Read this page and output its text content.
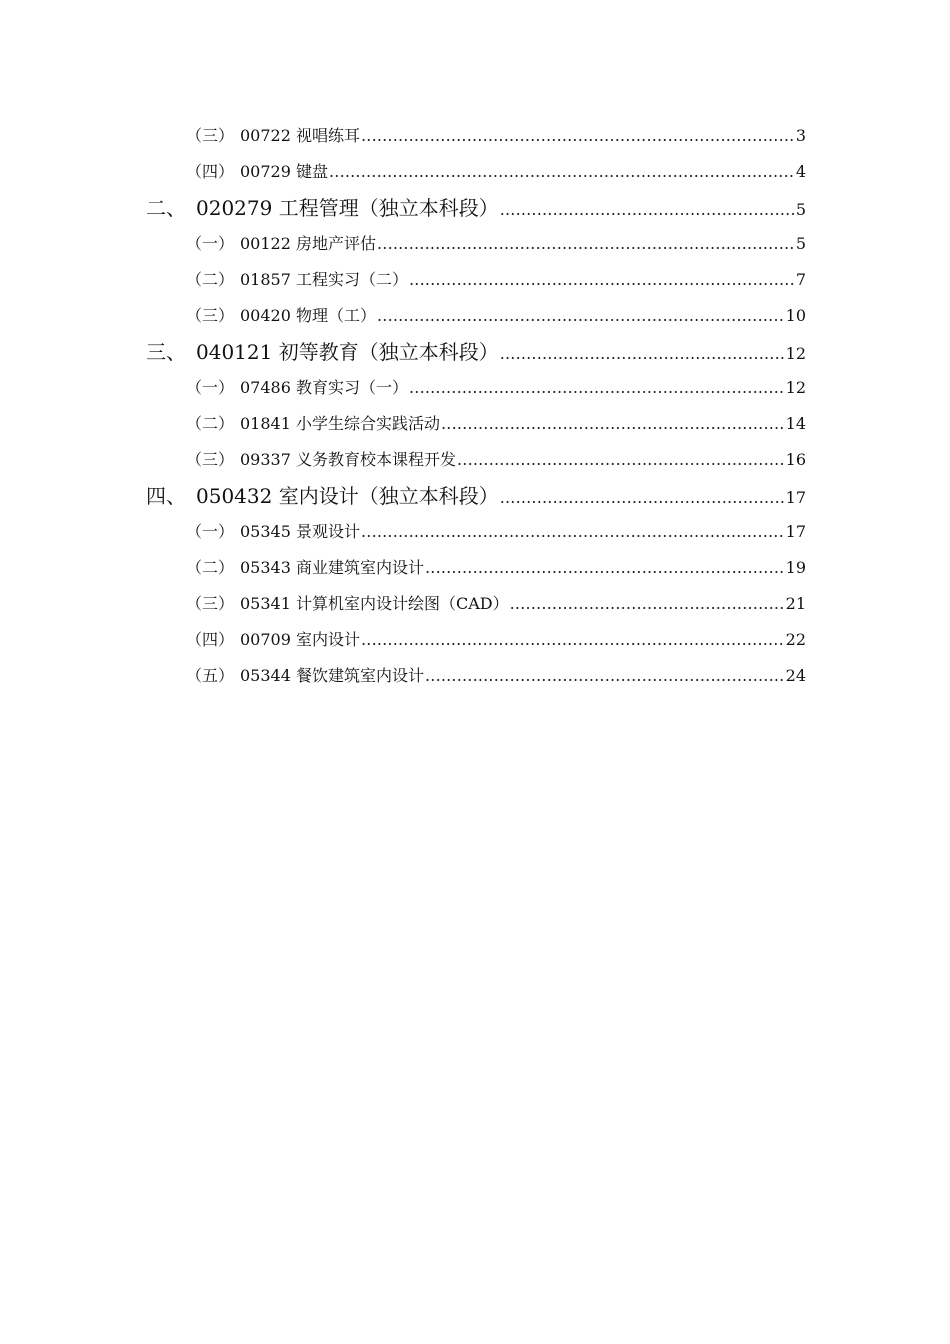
（三） 00722 视唱练耳 .....	3
（四） 00729 键盘 .....	4
二、 020279 工程管理（独立本科段） .....	5
（一） 00122 房地产评估 .....	5
（二） 01857 工程实习（二） .....	7
（三） 00420 物理（工） .....	10
三、 040121 初等教育（独立本科段） .....	12
（一） 07486 教育实习（一） .....	12
（二） 01841 小学生综合实践活动 .....	14
（三） 09337 义务教育校本课程开发 .....	16
四、 050432 室内设计（独立本科段） .....	17
（一） 05345 景观设计 .....	17
（二） 05343 商业建筑室内设计 .....	19
（三） 05341 计算机室内设计绘图（CAD） .....	21
（四） 00709 室内设计 .....	22
（五） 05344 餐饮建筑室内设计 .....	24
